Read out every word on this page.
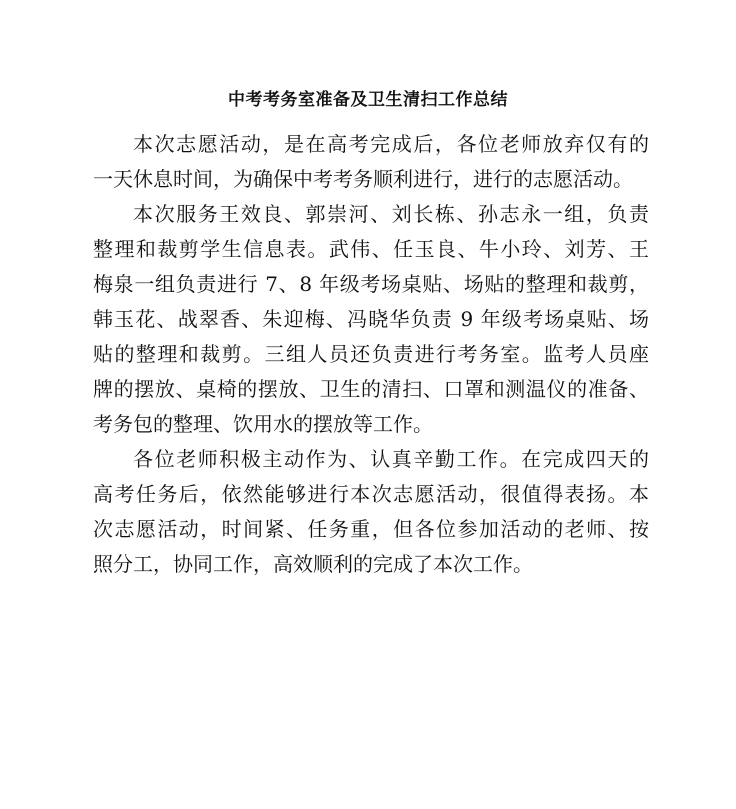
中考考务室准备及卫生清扫工作总结
本次志愿活动，是在高考完成后，各位老师放弃仅有的
一天休息时间，为确保中考考务顺利进行，进行的志愿活动。
本次服务王效良、郭崇河、刘长栋、孙志永一组，负责
整理和裁剪学生信息表。武伟、任玉良、牛小玲、刘芳、王
梅泉一组负责进行 7、8 年级考场桌贴、场贴的整理和裁剪，
韩玉花、战翠香、朱迎梅、冯晓华负责 9 年级考场桌贴、场
贴的整理和裁剪。三组人员还负责进行考务室。监考人员座
牌的摆放、桌椅的摆放、卫生的清扫、口罩和测温仪的准备、
考务包的整理、饮用水的摆放等工作。
各位老师积极主动作为、认真辛勤工作。在完成四天的
高考任务后，依然能够进行本次志愿活动，很值得表扬。本
次志愿活动，时间紧、任务重，但各位参加活动的老师、按
照分工，协同工作，高效顺利的完成了本次工作。
